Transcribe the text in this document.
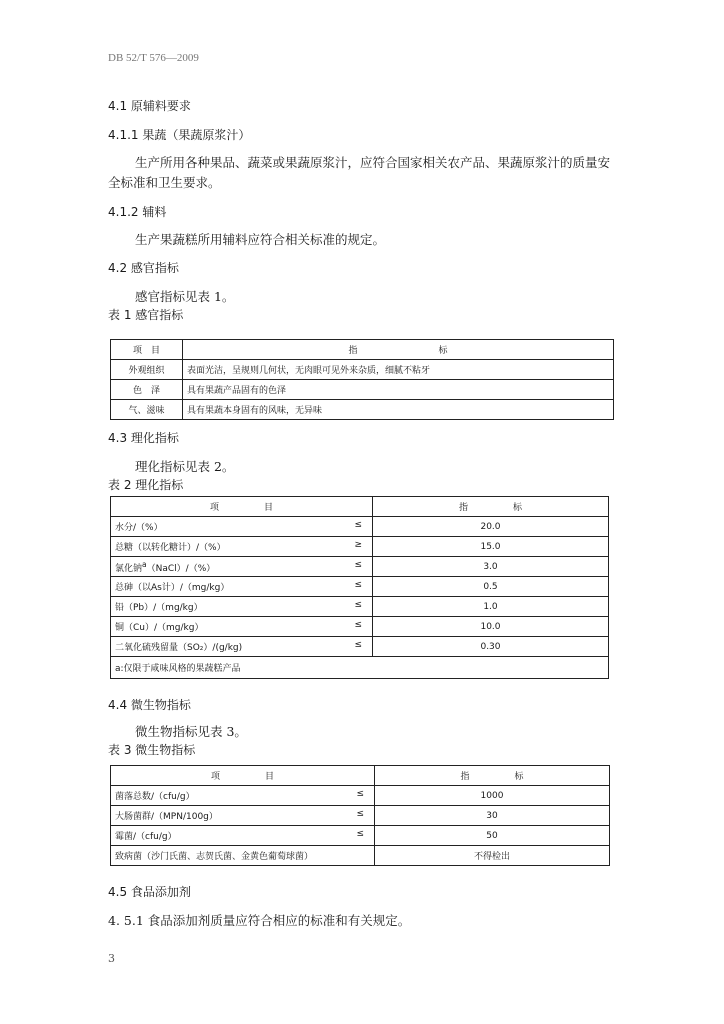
DB 52/T 576—2009
4.1 原辅料要求
4.1.1 果蔬（果蔬原浆汁）
生产所用各种果品、蔬菜或果蔬原浆汁，应符合国家相关农产品、果蔬原浆汁的质量安
全标准和卫生要求。
4.1.2 辅料
生产果蔬糕所用辅料应符合相关标准的规定。
4.2 感官指标
感官指标见表 1。
表 1 感官指标
项　目	指　　　　　　　　　标
外观组织	表面光洁，呈规则几何状，无肉眼可见外来杂质，细腻不粘牙
色　泽	具有果蔬产品固有的色泽
气、滋味	具有果蔬本身固有的风味，无异味
4.3 理化指标
理化指标见表 2。
表 2 理化指标
项　　　　　目	指　　　　　标
水分/（%） ≤	20.0
总糖（以转化糖计）/（%） ≥	15.0
氯化钠$^a$（NaCl）/（%） ≤	3.0
总砷（以As计）/（mg/kg） ≤	0.5
铅（Pb）/（mg/kg） ≤	1.0
铜（Cu）/（mg/kg） ≤	10.0
二氧化硫残留量（SO₂）/(g/kg) ≤	0.30
a:仅限于咸味风格的果蔬糕产品	
4.4 微生物指标
微生物指标见表 3。
表 3 微生物指标
项　　　　　目	指　　　　　标
菌落总数/（cfu/g） ≤	1000
大肠菌群/（MPN/100g） ≤	30
霉菌/（cfu/g） ≤	50
致病菌（沙门氏菌、志贺氏菌、金黄色葡萄球菌）	不得检出
4.5 食品添加剂
4. 5.1 食品添加剂质量应符合相应的标准和有关规定。
3
